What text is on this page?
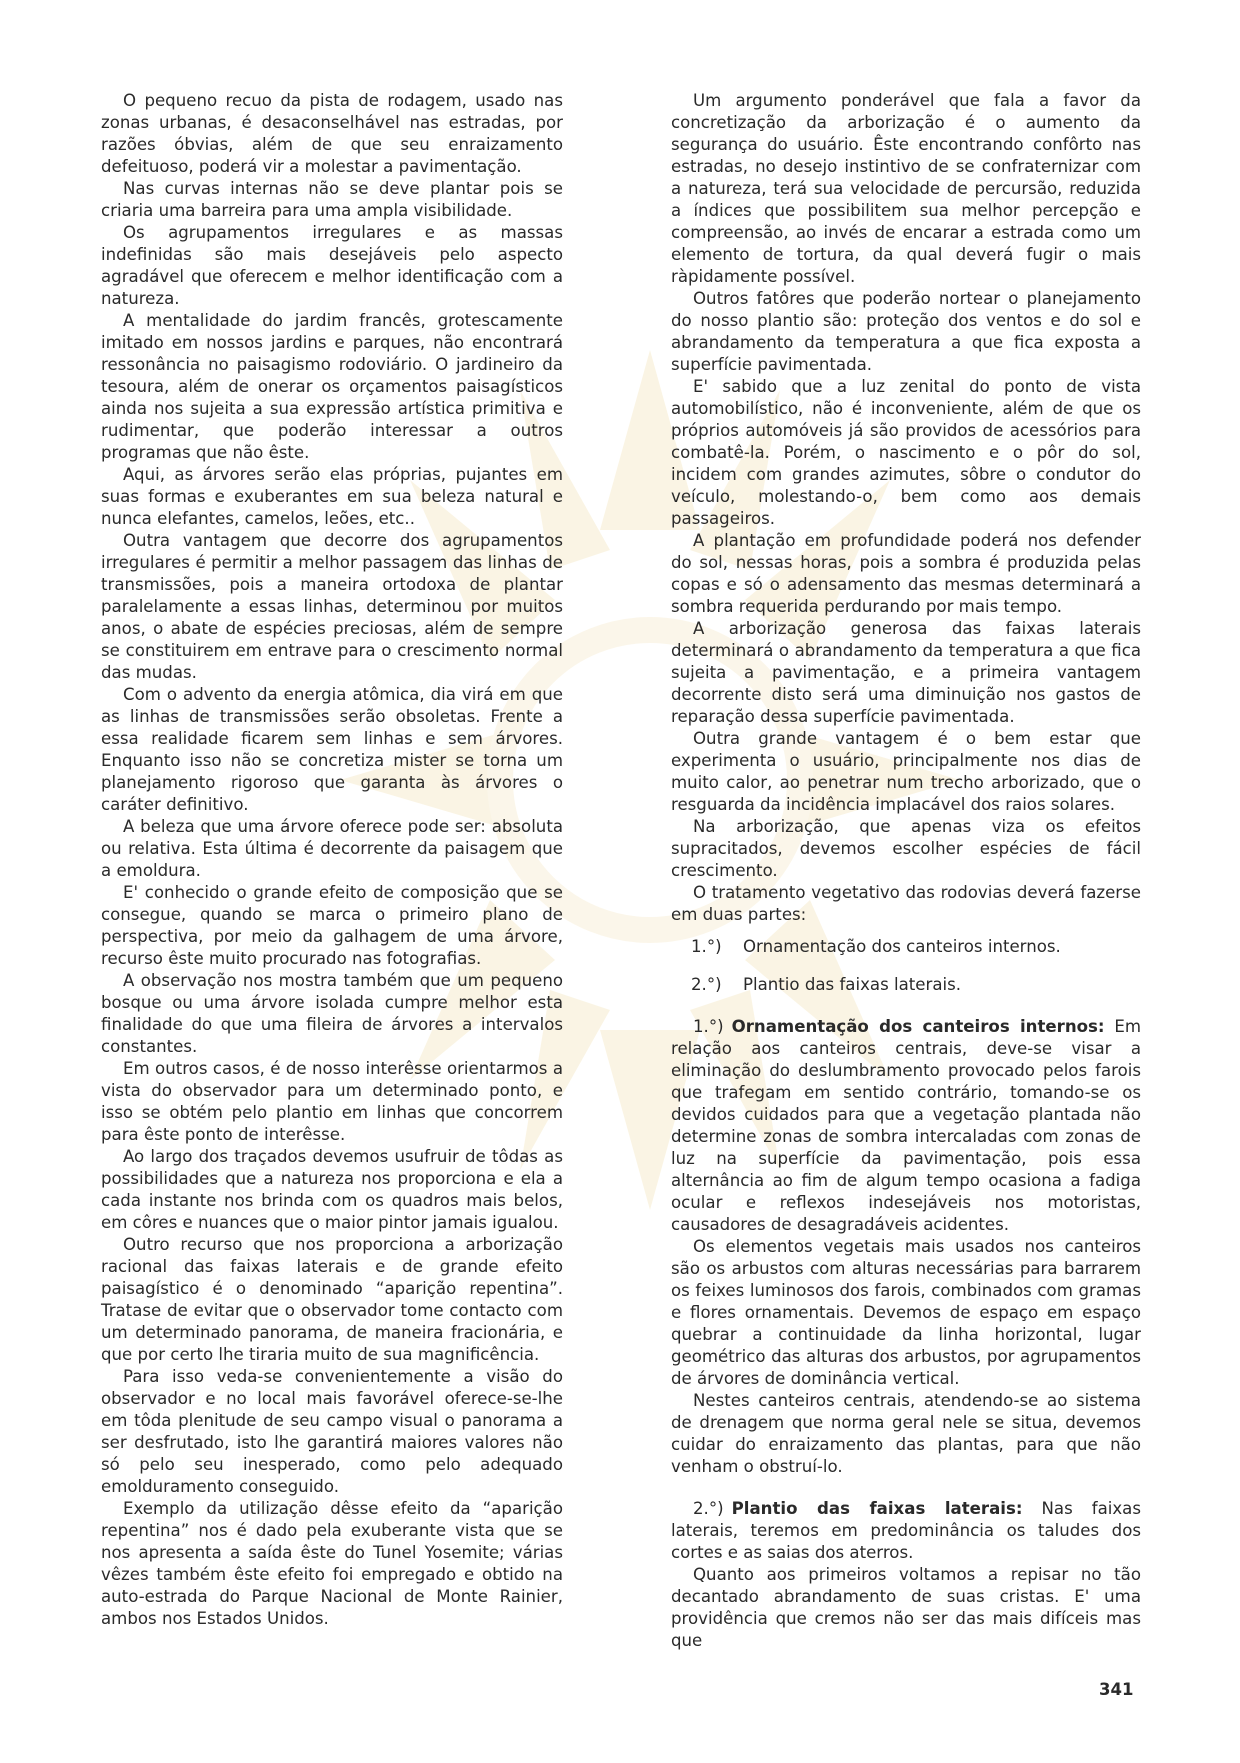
O pequeno recuo da pista de rodagem, usado nas zonas urbanas, é desaconselhável nas estradas, por razões óbvias, além de que seu enraizamento defeituoso, poderá vir a molestar a pavimentação.

Nas curvas internas não se deve plantar pois se criaria uma barreira para uma ampla visibilidade.

Os agrupamentos irregulares e as massas indefinidas são mais desejáveis pelo aspecto agradável que oferecem e melhor identificação com a natureza.

A mentalidade do jardim francês, grotescamente imitado em nossos jardins e parques, não encontrará ressonância no paisagismo rodoviário. O jardineiro da tesoura, além de onerar os orçamentos paisagísticos ainda nos sujeita a sua expressão artística primitiva e rudimentar, que poderão interessar a outros programas que não êste.

Aqui, as árvores serão elas próprias, pujantes em suas formas e exuberantes em sua beleza natural e nunca elefantes, camelos, leões, etc..

Outra vantagem que decorre dos agrupamentos irregulares é permitir a melhor passagem das linhas de transmissões, pois a maneira ortodoxa de plantar paralelamente a essas linhas, determinou por muitos anos, o abate de espécies preciosas, além de sempre se constituirem em entrave para o crescimento normal das mudas.

Com o advento da energia atômica, dia virá em que as linhas de transmissões serão obsoletas. Frente a essa realidade ficarem sem linhas e sem árvores. Enquanto isso não se concretiza mister se torna um planejamento rigoroso que garanta às árvores o caráter definitivo.

A beleza que uma árvore oferece pode ser: absoluta ou relativa. Esta última é decorrente da paisagem que a emoldura.

E' conhecido o grande efeito de composição que se consegue, quando se marca o primeiro plano de perspectiva, por meio da galhagem de uma árvore, recurso êste muito procurado nas fotografias.

A observação nos mostra também que um pequeno bosque ou uma árvore isolada cumpre melhor esta finalidade do que uma fileira de árvores a intervalos constantes.

Em outros casos, é de nosso interêsse orientarmos a vista do observador para um determinado ponto, e isso se obtém pelo plantio em linhas que concorrem para êste ponto de interêsse.

Ao largo dos traçados devemos usufruir de tôdas as possibilidades que a natureza nos proporciona e ela a cada instante nos brinda com os quadros mais belos, em côres e nuances que o maior pintor jamais igualou.

Outro recurso que nos proporciona a arborização racional das faixas laterais e de grande efeito paisagístico é o denominado “aparição repentina”. Tratase de evitar que o observador tome contacto com um determinado panorama, de maneira fracionária, e que por certo lhe tiraria muito de sua magnificência.

Para isso veda-se convenientemente a visão do observador e no local mais favorável oferece-se-lhe em tôda plenitude de seu campo visual o panorama a ser desfrutado, isto lhe garantirá maiores valores não só pelo seu inesperado, como pelo adequado emolduramento conseguido.

Exemplo da utilização dêsse efeito da “aparição repentina” nos é dado pela exuberante vista que se nos apresenta a saída êste do Tunel Yosemite; várias vêzes também êste efeito foi empregado e obtido na auto-estrada do Parque Nacional de Monte Rainier, ambos nos Estados Unidos.

Um argumento ponderável que fala a favor da concretização da arborização é o aumento da segurança do usuário. Êste encontrando confôrto nas estradas, no desejo instintivo de se confraternizar com a natureza, terá sua velocidade de percursão, reduzida a índices que possibilitem sua melhor percepção e compreensão, ao invés de encarar a estrada como um elemento de tortura, da qual deverá fugir o mais ràpidamente possível.

Outros fatôres que poderão nortear o planejamento do nosso plantio são: proteção dos ventos e do sol e abrandamento da temperatura a que fica exposta a superfície pavimentada.

E' sabido que a luz zenital do ponto de vista automobilístico, não é inconveniente, além de que os próprios automóveis já são providos de acessórios para combatê-la. Porém, o nascimento e o pôr do sol, incidem com grandes azimutes, sôbre o condutor do veículo, molestando-o, bem como aos demais passageiros.

A plantação em profundidade poderá nos defender do sol, nessas horas, pois a sombra é produzida pelas copas e só o adensamento das mesmas determinará a sombra requerida perdurando por mais tempo.

A arborização generosa das faixas laterais determinará o abrandamento da temperatura a que fica sujeita a pavimentação, e a primeira vantagem decorrente disto será uma diminuição nos gastos de reparação dessa superfície pavimentada.

Outra grande vantagem é o bem estar que experimenta o usuário, principalmente nos dias de muito calor, ao penetrar num trecho arborizado, que o resguarda da incidência implacável dos raios solares.

Na arborização, que apenas viza os efeitos supracitados, devemos escolher espécies de fácil crescimento.

O tratamento vegetativo das rodovias deverá fazerse em duas partes:

1.°) Ornamentação dos canteiros internos.

2.°) Plantio das faixas laterais.

1.°) Ornamentação dos canteiros internos: Em relação aos canteiros centrais, deve-se visar a eliminação do deslumbramento provocado pelos farois que trafegam em sentido contrário, tomando-se os devidos cuidados para que a vegetação plantada não determine zonas de sombra intercaladas com zonas de luz na superfície da pavimentação, pois essa alternância ao fim de algum tempo ocasiona a fadiga ocular e reflexos indesejáveis nos motoristas, causadores de desagradáveis acidentes.

Os elementos vegetais mais usados nos canteiros são os arbustos com alturas necessárias para barrarem os feixes luminosos dos farois, combinados com gramas e flores ornamentais. Devemos de espaço em espaço quebrar a continuidade da linha horizontal, lugar geométrico das alturas dos arbustos, por agrupamentos de árvores de dominância vertical.

Nestes canteiros centrais, atendendo-se ao sistema de drenagem que norma geral nele se situa, devemos cuidar do enraizamento das plantas, para que não venham o obstruí-lo.

2.°) Plantio das faixas laterais: Nas faixas laterais, teremos em predominância os taludes dos cortes e as saias dos aterros.

Quanto aos primeiros voltamos a repisar no tão decantado abrandamento de suas cristas. E' uma providência que cremos não ser das mais difíceis mas que

341
